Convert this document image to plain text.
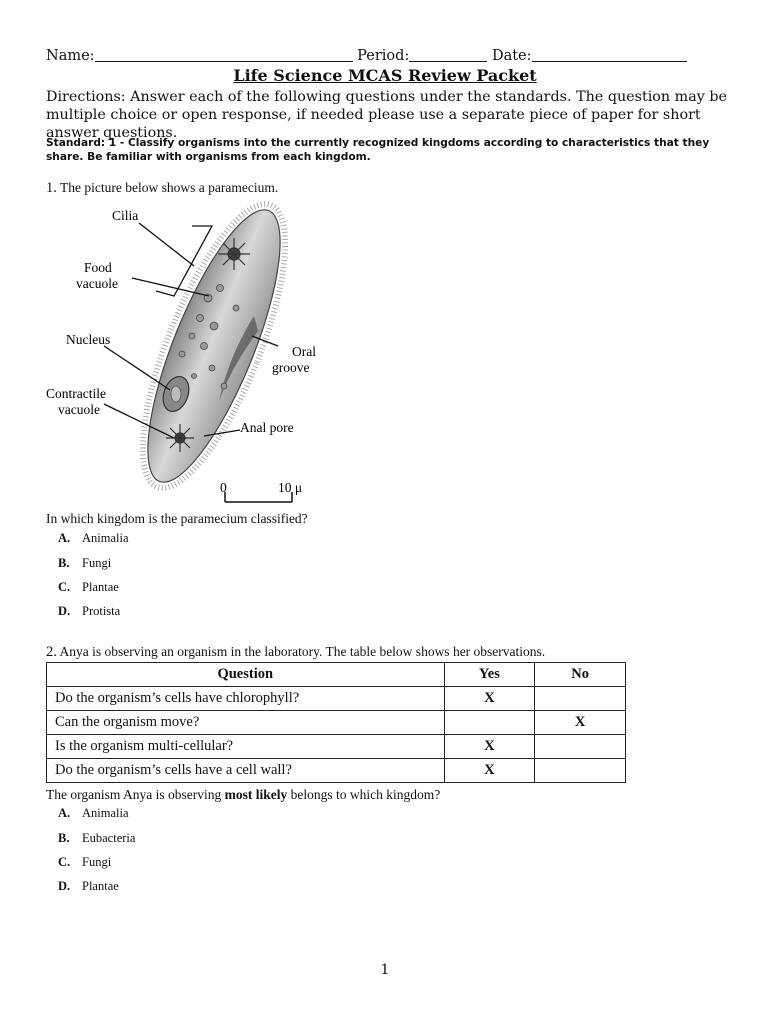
Name:	Period:	Date:
Life Science MCAS Review Packet
Directions: Answer each of the following questions under the standards. The question may be multiple choice or open response, if needed please use a separate piece of paper for short answer questions.
Standard: 1 - Classify organisms into the currently recognized kingdoms according to characteristics that they share. Be familiar with organisms from each kingdom.
1. The picture below shows a paramecium.
Cilia
Food
vacuole
Nucleus
Contractile
vacuole
Oral
groove
Anal pore
0	10 μ
In which kingdom is the paramecium classified?
A. Animalia
B. Fungi
C. Plantae
D. Protista
2. Anya is observing an organism in the laboratory. The table below shows her observations.
Question	Yes	No
Do the organism’s cells have chlorophyll?	X	
Can the organism move?		X
Is the organism multi-cellular?	X	
Do the organism’s cells have a cell wall?	X	
The organism Anya is observing most likely belongs to which kingdom?
A. Animalia
B. Eubacteria
C. Fungi
D. Plantae
1
